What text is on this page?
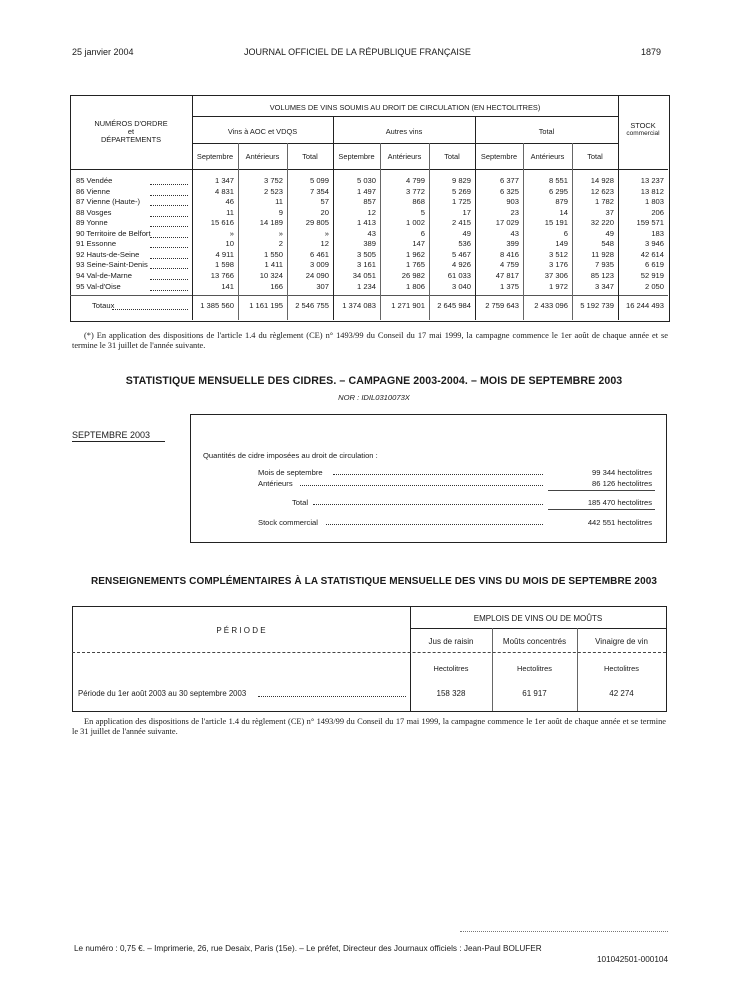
25 janvier 2004	JOURNAL OFFICIEL DE LA RÉPUBLIQUE FRANÇAISE	1879
NUMÉROS D'ORDRE
et
DÉPARTEMENTS
VOLUMES DE VINS SOUMIS AU DROIT DE CIRCULATION (EN HECTOLITRES)
Vins à AOC et VDQS	Autres vins	Total
STOCK
commercial
Septembre	Antérieurs	Total	Septembre	Antérieurs	Total	Septembre	Antérieurs	Total
85 Vendée	1 347	3 752	5 099	5 030	4 799	9 829	6 377	8 551	14 928	13 237
86 Vienne	4 831	2 523	7 354	1 497	3 772	5 269	6 325	6 295	12 623	13 812
87 Vienne (Haute-)	46	11	57	857	868	1 725	903	879	1 782	1 803
88 Vosges	11	9	20	12	5	17	23	14	37	206
89 Yonne	15 616	14 189	29 805	1 413	1 002	2 415	17 029	15 191	32 220	159 571
90 Territoire de Belfort	»	»	»	43	6	49	43	6	49	183
91 Essonne	10	2	12	389	147	536	399	149	548	3 946
92 Hauts-de-Seine	4 911	1 550	6 461	3 505	1 962	5 467	8 416	3 512	11 928	42 614
93 Seine-Saint-Denis	1 598	1 411	3 009	3 161	1 765	4 926	4 759	3 176	7 935	6 619
94 Val-de-Marne	13 766	10 324	24 090	34 051	26 982	61 033	47 817	37 306	85 123	52 919
95 Val-d'Oise	141	166	307	1 234	1 806	3 040	1 375	1 972	3 347	2 050
Totaux	1 385 560	1 161 195	2 546 755	1 374 083	1 271 901	2 645 984	2 759 643	2 433 096	5 192 739	16 244 493
(*) En application des dispositions de l'article 1.4 du règlement (CE) n° 1493/99 du Conseil du 17 mai 1999, la campagne commence le 1er août de chaque année et se termine le 31 juillet de l'année suivante.
STATISTIQUE MENSUELLE DES CIDRES. – CAMPAGNE 2003-2004. – MOIS DE SEPTEMBRE 2003
NOR : IDIL0310073X
SEPTEMBRE 2003
Quantités de cidre imposées au droit de circulation :
Mois de septembre	99 344 hectolitres
Antérieurs	86 126 hectolitres
Total	185 470 hectolitres
Stock commercial	442 551 hectolitres
RENSEIGNEMENTS COMPLÉMENTAIRES À LA STATISTIQUE MENSUELLE DES VINS DU MOIS DE SEPTEMBRE 2003
P É R I O D E
EMPLOIS DE VINS OU DE MOÛTS
Jus de raisin	Moûts concentrés	Vinaigre de vin
Hectolitres	Hectolitres	Hectolitres
Période du 1er août 2003 au 30 septembre 2003	158 328	61 917	42 274
En application des dispositions de l'article 1.4 du règlement (CE) n° 1493/99 du Conseil du 17 mai 1999, la campagne commence le 1er août de chaque année et se termine le 31 juillet de l'année suivante.
Le numéro : 0,75 €. – Imprimerie, 26, rue Desaix, Paris (15e). – Le préfet, Directeur des Journaux officiels : Jean-Paul BOLUFER
101042501-000104
